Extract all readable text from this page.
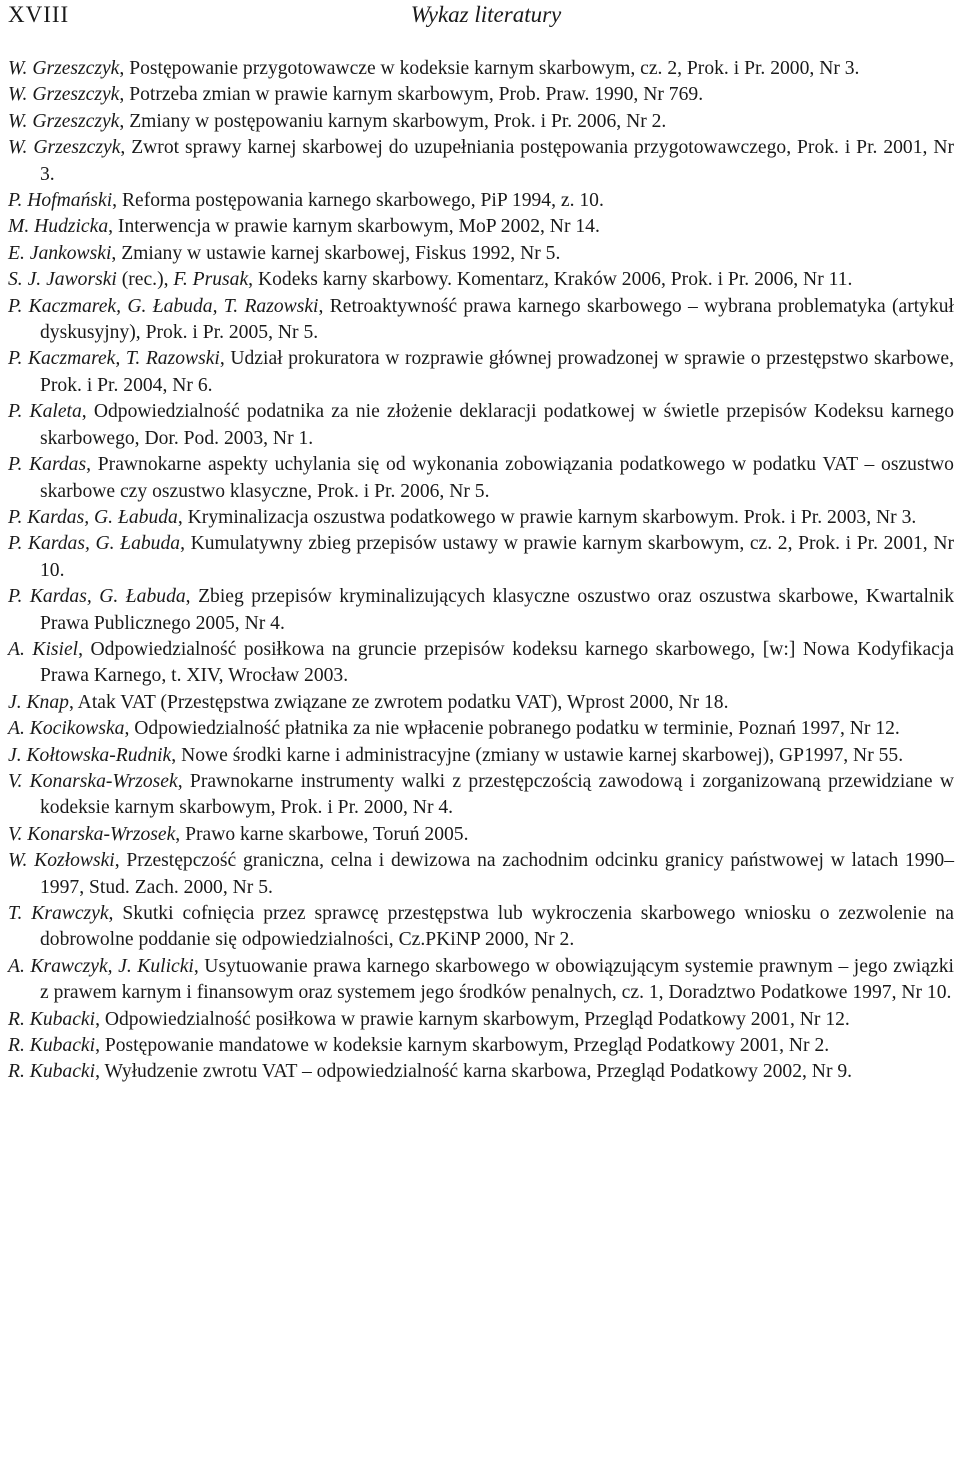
XVIII	Wykaz literatury
W. Grzeszczyk, Postępowanie przygotowawcze w kodeksie karnym skarbowym, cz. 2, Prok. i Pr. 2000, Nr 3.
W. Grzeszczyk, Potrzeba zmian w prawie karnym skarbowym, Prob. Praw. 1990, Nr 769.
W. Grzeszczyk, Zmiany w postępowaniu karnym skarbowym, Prok. i Pr. 2006, Nr 2.
W. Grzeszczyk, Zwrot sprawy karnej skarbowej do uzupełniania postępowania przygotowawczego, Prok. i Pr. 2001, Nr 3.
P. Hofmański, Reforma postępowania karnego skarbowego, PiP 1994, z. 10.
M. Hudzicka, Interwencja w prawie karnym skarbowym, MoP 2002, Nr 14.
E. Jankowski, Zmiany w ustawie karnej skarbowej, Fiskus 1992, Nr 5.
S. J. Jaworski (rec.), F. Prusak, Kodeks karny skarbowy. Komentarz, Kraków 2006, Prok. i Pr. 2006, Nr 11.
P. Kaczmarek, G. Łabuda, T. Razowski, Retroaktywność prawa karnego skarbowego – wybrana problematyka (artykuł dyskusyjny), Prok. i Pr. 2005, Nr 5.
P. Kaczmarek, T. Razowski, Udział prokuratora w rozprawie głównej prowadzonej w sprawie o przestępstwo skarbowe, Prok. i Pr. 2004, Nr 6.
P. Kaleta, Odpowiedzialność podatnika za nie złożenie deklaracji podatkowej w świetle przepisów Kodeksu karnego skarbowego, Dor. Pod. 2003, Nr 1.
P. Kardas, Prawnokarne aspekty uchylania się od wykonania zobowiązania podatkowego w podatku VAT – oszustwo skarbowe czy oszustwo klasyczne, Prok. i Pr. 2006, Nr 5.
P. Kardas, G. Łabuda, Kryminalizacja oszustwa podatkowego w prawie karnym skarbowym. Prok. i Pr. 2003, Nr 3.
P. Kardas, G. Łabuda, Kumulatywny zbieg przepisów ustawy w prawie karnym skarbowym, cz. 2, Prok. i Pr. 2001, Nr 10.
P. Kardas, G. Łabuda, Zbieg przepisów kryminalizujących klasyczne oszustwo oraz oszustwa skarbowe, Kwartalnik Prawa Publicznego 2005, Nr 4.
A. Kisiel, Odpowiedzialność posiłkowa na gruncie przepisów kodeksu karnego skarbowego, [w:] Nowa Kodyfikacja Prawa Karnego, t. XIV, Wrocław 2003.
J. Knap, Atak VAT (Przestępstwa związane ze zwrotem podatku VAT), Wprost 2000, Nr 18.
A. Kocikowska, Odpowiedzialność płatnika za nie wpłacenie pobranego podatku w terminie, Poznań 1997, Nr 12.
J. Kołtowska-Rudnik, Nowe środki karne i administracyjne (zmiany w ustawie karnej skarbowej), GP1997, Nr 55.
V. Konarska-Wrzosek, Prawnokarne instrumenty walki z przestępczością zawodową i zorganizowaną przewidziane w kodeksie karnym skarbowym, Prok. i Pr. 2000, Nr 4.
V. Konarska-Wrzosek, Prawo karne skarbowe, Toruń 2005.
W. Kozłowski, Przestępczość graniczna, celna i dewizowa na zachodnim odcinku granicy państwowej w latach 1990–1997, Stud. Zach. 2000, Nr 5.
T. Krawczyk, Skutki cofnięcia przez sprawcę przestępstwa lub wykroczenia skarbowego wniosku o zezwolenie na dobrowolne poddanie się odpowiedzialności, Cz.PKiNP 2000, Nr 2.
A. Krawczyk, J. Kulicki, Usytuowanie prawa karnego skarbowego w obowiązującym systemie prawnym – jego związki z prawem karnym i finansowym oraz systemem jego środków penalnych, cz. 1, Doradztwo Podatkowe 1997, Nr 10.
R. Kubacki, Odpowiedzialność posiłkowa w prawie karnym skarbowym, Przegląd Podatkowy 2001, Nr 12.
R. Kubacki, Postępowanie mandatowe w kodeksie karnym skarbowym, Przegląd Podatkowy 2001, Nr 2.
R. Kubacki, Wyłudzenie zwrotu VAT – odpowiedzialność karna skarbowa, Przegląd Podatkowy 2002, Nr 9.
